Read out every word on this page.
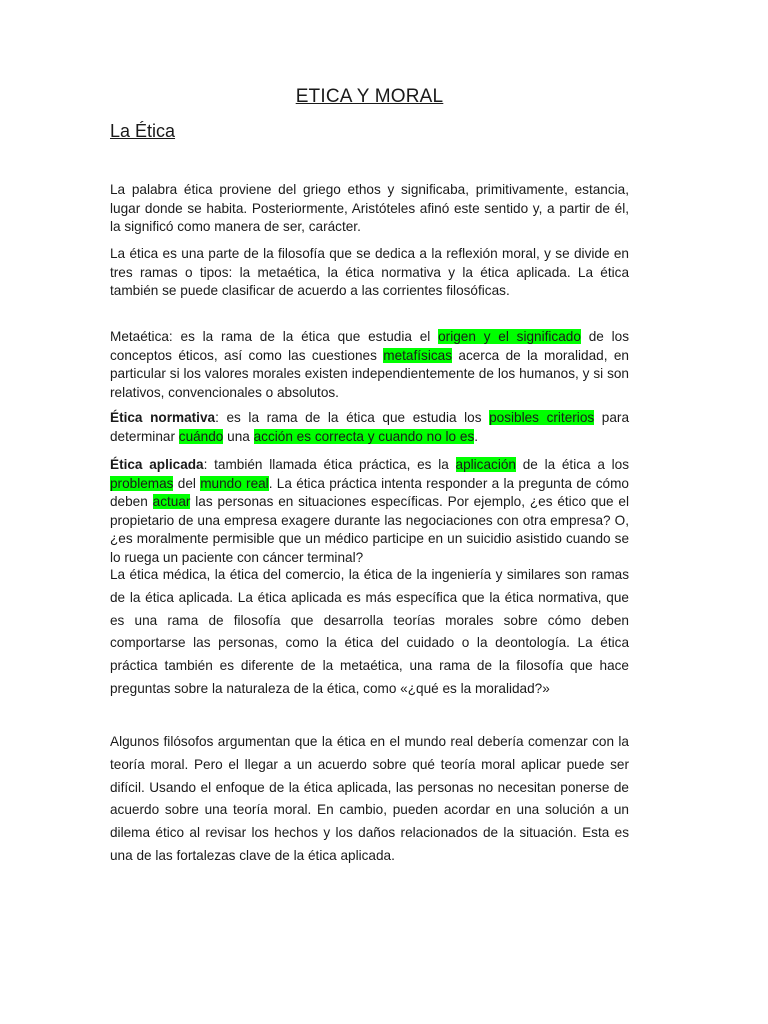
ETICA Y MORAL
La Ética

La palabra ética proviene del griego ethos y significaba, primitivamente, estancia, lugar donde se habita. Posteriormente, Aristóteles afinó este sentido y, a partir de él, la significó como manera de ser, carácter.

La ética es una parte de la filosofía que se dedica a la reflexión moral, y se divide en tres ramas o tipos: la metaética, la ética normativa y la ética aplicada. La ética también se puede clasificar de acuerdo a las corrientes filosóficas.

Metaética: es la rama de la ética que estudia el origen y el significado de los conceptos éticos, así como las cuestiones metafísicas acerca de la moralidad, en particular si los valores morales existen independientemente de los humanos, y si son relativos, convencionales o absolutos.

Ética normativa: es la rama de la ética que estudia los posibles criterios para determinar cuándo una acción es correcta y cuando no lo es.

Ética aplicada: también llamada ética práctica, es la aplicación de la ética a los problemas del mundo real. La ética práctica intenta responder a la pregunta de cómo deben actuar las personas en situaciones específicas. Por ejemplo, ¿es ético que el propietario de una empresa exagere durante las negociaciones con otra empresa? O, ¿es moralmente permisible que un médico participe en un suicidio asistido cuando se lo ruega un paciente con cáncer terminal?

La ética médica, la ética del comercio, la ética de la ingeniería y similares son ramas de la ética aplicada. La ética aplicada es más específica que la ética normativa, que es una rama de filosofía que desarrolla teorías morales sobre cómo deben comportarse las personas, como la ética del cuidado o la deontología. La ética práctica también es diferente de la metaética, una rama de la filosofía que hace preguntas sobre la naturaleza de la ética, como «¿qué es la moralidad?»

Algunos filósofos argumentan que la ética en el mundo real debería comenzar con la teoría moral. Pero el llegar a un acuerdo sobre qué teoría moral aplicar puede ser difícil. Usando el enfoque de la ética aplicada, las personas no necesitan ponerse de acuerdo sobre una teoría moral. En cambio, pueden acordar en una solución a un dilema ético al revisar los hechos y los daños relacionados de la situación. Esta es una de las fortalezas clave de la ética aplicada.
